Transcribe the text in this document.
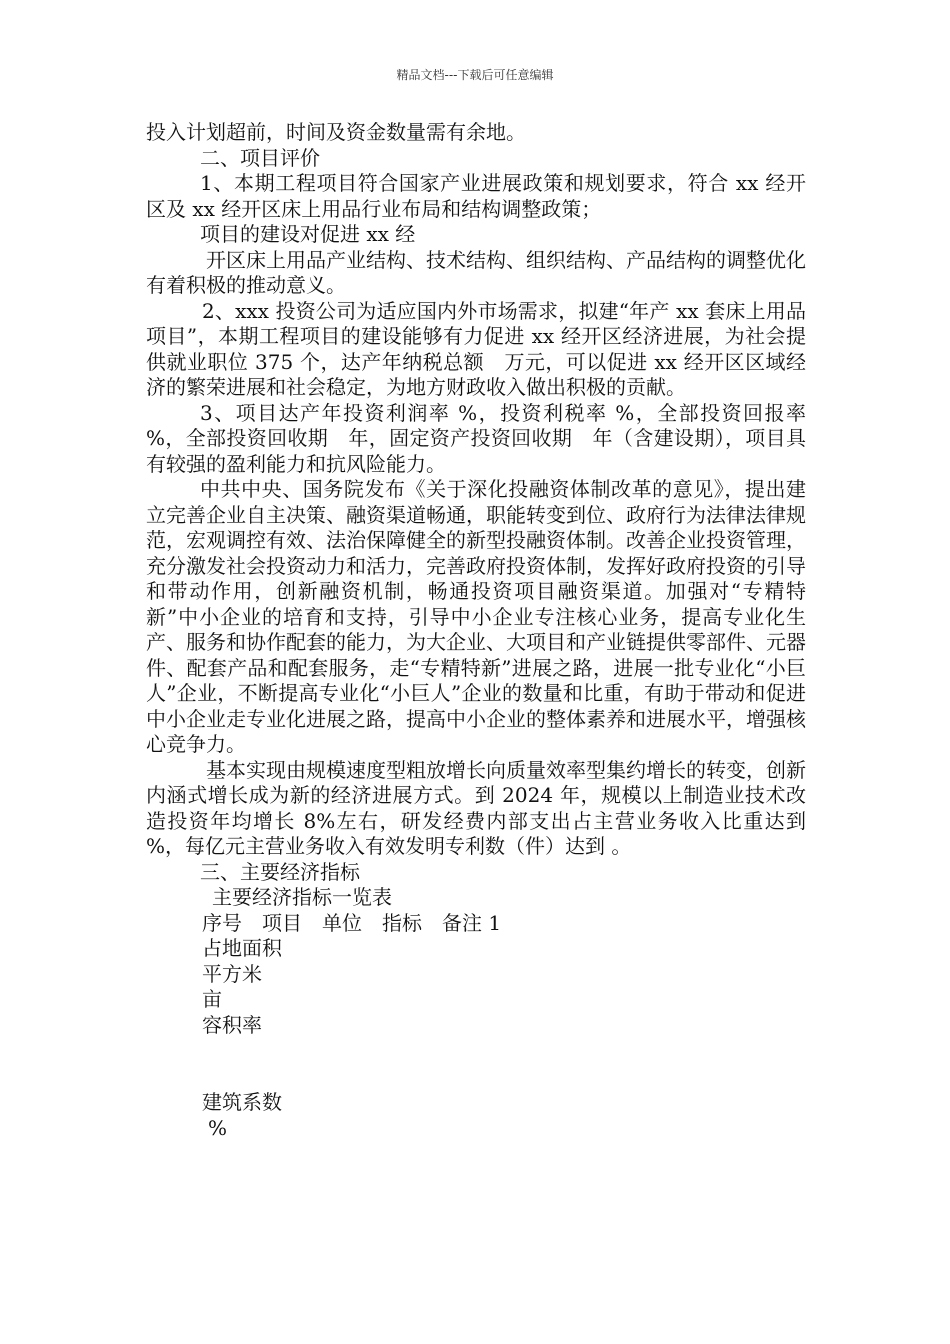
精品文档---下载后可任意编辑

投入计划超前，时间及资金数量需有余地。

二、项目评价

1、本期工程项目符合国家产业进展政策和规划要求，符合 xx 经开区及 xx 经开区床上用品行业布局和结构调整政策；

项目的建设对促进 xx 经

开区床上用品产业结构、技术结构、组织结构、产品结构的调整优化有着积极的推动意义。

2、xxx 投资公司为适应国内外市场需求，拟建“年产 xx 套床上用品项目”，本期工程项目的建设能够有力促进 xx 经开区经济进展，为社会提供就业职位 375 个，达产年纳税总额　万元，可以促进 xx 经开区区域经济的繁荣进展和社会稳定，为地方财政收入做出积极的贡献。

3、项目达产年投资利润率 %，投资利税率 %，全部投资回报率 %，全部投资回收期　年，固定资产投资回收期　年（含建设期），项目具有较强的盈利能力和抗风险能力。

中共中央、国务院发布《关于深化投融资体制改革的意见》，提出建立完善企业自主决策、融资渠道畅通，职能转变到位、政府行为法律法律规范，宏观调控有效、法治保障健全的新型投融资体制。改善企业投资管理，充分激发社会投资动力和活力，完善政府投资体制，发挥好政府投资的引导和带动作用，创新融资机制，畅通投资项目融资渠道。加强对“专精特新”中小企业的培育和支持，引导中小企业专注核心业务，提高专业化生产、服务和协作配套的能力，为大企业、大项目和产业链提供零部件、元器件、配套产品和配套服务，走“专精特新”进展之路，进展一批专业化“小巨人”企业，不断提高专业化“小巨人”企业的数量和比重，有助于带动和促进中小企业走专业化进展之路，提高中小企业的整体素养和进展水平，增强核心竞争力。

基本实现由规模速度型粗放增长向质量效率型集约增长的转变，创新内涵式增长成为新的经济进展方式。到 2024 年，规模以上制造业技术改造投资年均增长 8%左右，研发经费内部支出占主营业务收入比重达到 %，每亿元主营业务收入有效发明专利数（件）达到 。

三、主要经济指标

主要经济指标一览表

序号　项目　单位　指标　备注 1

占地面积

平方米

亩

容积率

建筑系数

%
